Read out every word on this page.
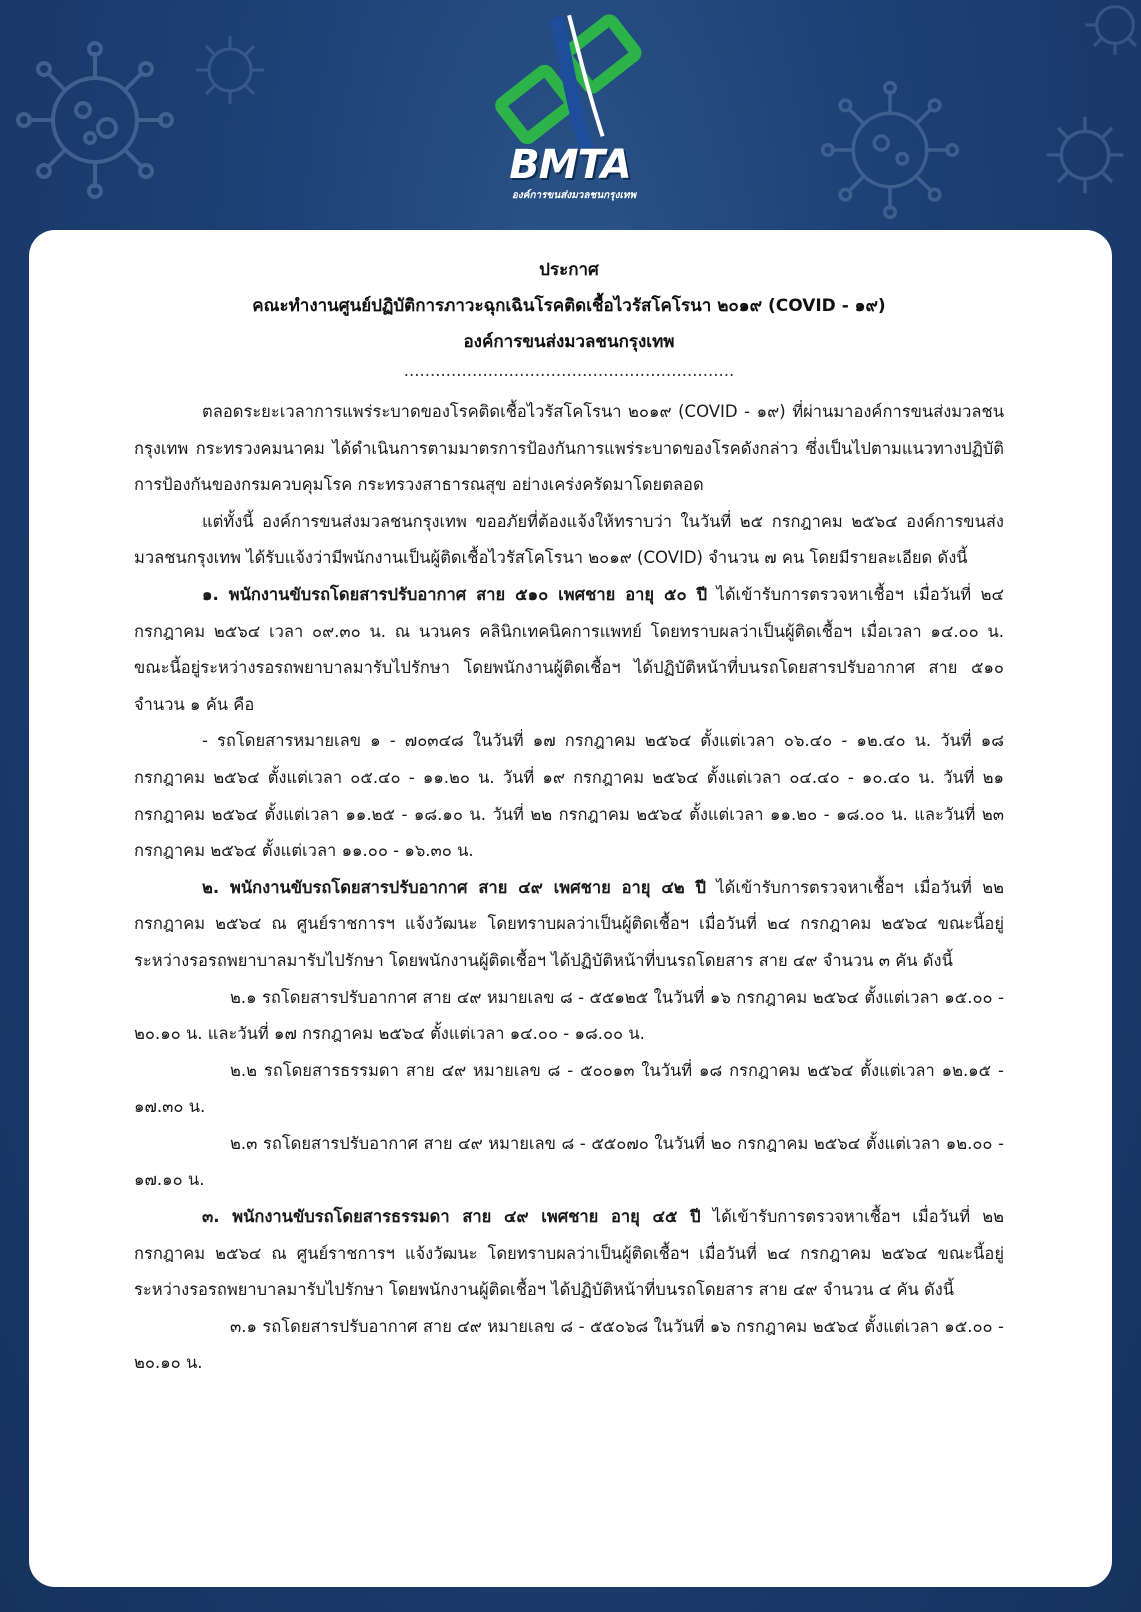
BMTA
องค์การขนส่งมวลชนกรุงเทพ
ประกาศ
คณะทำงานศูนย์ปฏิบัติการภาวะฉุกเฉินโรคติดเชื้อไวรัสโคโรนา ๒๐๑๙ (COVID - ๑๙)
องค์การขนส่งมวลชนกรุงเทพ
...............................................................

ตลอดระยะเวลาการแพร่ระบาดของโรคติดเชื้อไวรัสโคโรนา ๒๐๑๙ (COVID - ๑๙) ที่ผ่านมาองค์การขนส่งมวลชนกรุงเทพ กระทรวงคมนาคม ได้ดำเนินการตามมาตรการป้องกันการแพร่ระบาดของโรคดังกล่าว ซึ่งเป็นไปตามแนวทางปฏิบัติการป้องกันของกรมควบคุมโรค กระทรวงสาธารณสุข อย่างเคร่งครัดมาโดยตลอด

แต่ทั้งนี้ องค์การขนส่งมวลชนกรุงเทพ ขออภัยที่ต้องแจ้งให้ทราบว่า ในวันที่ ๒๕ กรกฎาคม ๒๕๖๔ องค์การขนส่งมวลชนกรุงเทพ ได้รับแจ้งว่ามีพนักงานเป็นผู้ติดเชื้อไวรัสโคโรนา ๒๐๑๙ (COVID) จำนวน ๗ คน โดยมีรายละเอียด ดังนี้

๑. พนักงานขับรถโดยสารปรับอากาศ สาย ๕๑๐ เพศชาย อายุ ๕๐ ปี ได้เข้ารับการตรวจหาเชื้อฯ เมื่อวันที่ ๒๔ กรกฎาคม ๒๕๖๔ เวลา ๐๙.๓๐ น. ณ นวนคร คลินิกเทคนิคการแพทย์ โดยทราบผลว่าเป็นผู้ติดเชื้อฯ เมื่อเวลา ๑๔.๐๐ น. ขณะนี้อยู่ระหว่างรอรถพยาบาลมารับไปรักษา โดยพนักงานผู้ติดเชื้อฯ ได้ปฏิบัติหน้าที่บนรถโดยสารปรับอากาศ สาย ๕๑๐ จำนวน ๑ คัน คือ

- รถโดยสารหมายเลข ๑ - ๗๐๓๔๘ ในวันที่ ๑๗ กรกฎาคม ๒๕๖๔ ตั้งแต่เวลา ๐๖.๔๐ - ๑๒.๔๐ น. วันที่ ๑๘ กรกฎาคม ๒๕๖๔ ตั้งแต่เวลา ๐๕.๔๐ - ๑๑.๒๐ น. วันที่ ๑๙ กรกฎาคม ๒๕๖๔ ตั้งแต่เวลา ๐๔.๔๐ - ๑๐.๔๐ น. วันที่ ๒๑ กรกฎาคม ๒๕๖๔ ตั้งแต่เวลา ๑๑.๒๕ - ๑๘.๑๐ น. วันที่ ๒๒ กรกฎาคม ๒๕๖๔ ตั้งแต่เวลา ๑๑.๒๐ - ๑๘.๐๐ น. และวันที่ ๒๓ กรกฎาคม ๒๕๖๔ ตั้งแต่เวลา ๑๑.๐๐ - ๑๖.๓๐ น.

๒. พนักงานขับรถโดยสารปรับอากาศ สาย ๔๙ เพศชาย อายุ ๔๒ ปี ได้เข้ารับการตรวจหาเชื้อฯ เมื่อวันที่ ๒๒ กรกฎาคม ๒๕๖๔ ณ ศูนย์ราชการฯ แจ้งวัฒนะ โดยทราบผลว่าเป็นผู้ติดเชื้อฯ เมื่อวันที่ ๒๔ กรกฎาคม ๒๕๖๔ ขณะนี้อยู่ระหว่างรอรถพยาบาลมารับไปรักษา โดยพนักงานผู้ติดเชื้อฯ ได้ปฏิบัติหน้าที่บนรถโดยสาร สาย ๔๙ จำนวน ๓ คัน ดังนี้

๒.๑ รถโดยสารปรับอากาศ สาย ๔๙ หมายเลข ๘ - ๕๕๑๒๕ ในวันที่ ๑๖ กรกฎาคม ๒๕๖๔ ตั้งแต่เวลา ๑๕.๐๐ - ๒๐.๑๐ น. และวันที่ ๑๗ กรกฎาคม ๒๕๖๔ ตั้งแต่เวลา ๑๔.๐๐ - ๑๘.๐๐ น.

๒.๒ รถโดยสารธรรมดา สาย ๔๙ หมายเลข ๘ - ๕๐๐๑๓ ในวันที่ ๑๘ กรกฎาคม ๒๕๖๔ ตั้งแต่เวลา ๑๒.๑๕ - ๑๗.๓๐ น.

๒.๓ รถโดยสารปรับอากาศ สาย ๔๙ หมายเลข ๘ - ๕๕๐๗๐ ในวันที่ ๒๐ กรกฎาคม ๒๕๖๔ ตั้งแต่เวลา ๑๒.๐๐ - ๑๗.๑๐ น.

๓. พนักงานขับรถโดยสารธรรมดา สาย ๔๙ เพศชาย อายุ ๔๕ ปี ได้เข้ารับการตรวจหาเชื้อฯ เมื่อวันที่ ๒๒ กรกฎาคม ๒๕๖๔ ณ ศูนย์ราชการฯ แจ้งวัฒนะ โดยทราบผลว่าเป็นผู้ติดเชื้อฯ เมื่อวันที่ ๒๔ กรกฎาคม ๒๕๖๔ ขณะนี้อยู่ระหว่างรอรถพยาบาลมารับไปรักษา โดยพนักงานผู้ติดเชื้อฯ ได้ปฏิบัติหน้าที่บนรถโดยสาร สาย ๔๙ จำนวน ๔ คัน ดังนี้

๓.๑ รถโดยสารปรับอากาศ สาย ๔๙ หมายเลข ๘ - ๕๕๐๖๘ ในวันที่ ๑๖ กรกฎาคม ๒๕๖๔ ตั้งแต่เวลา ๑๕.๐๐ - ๒๐.๑๐ น.
